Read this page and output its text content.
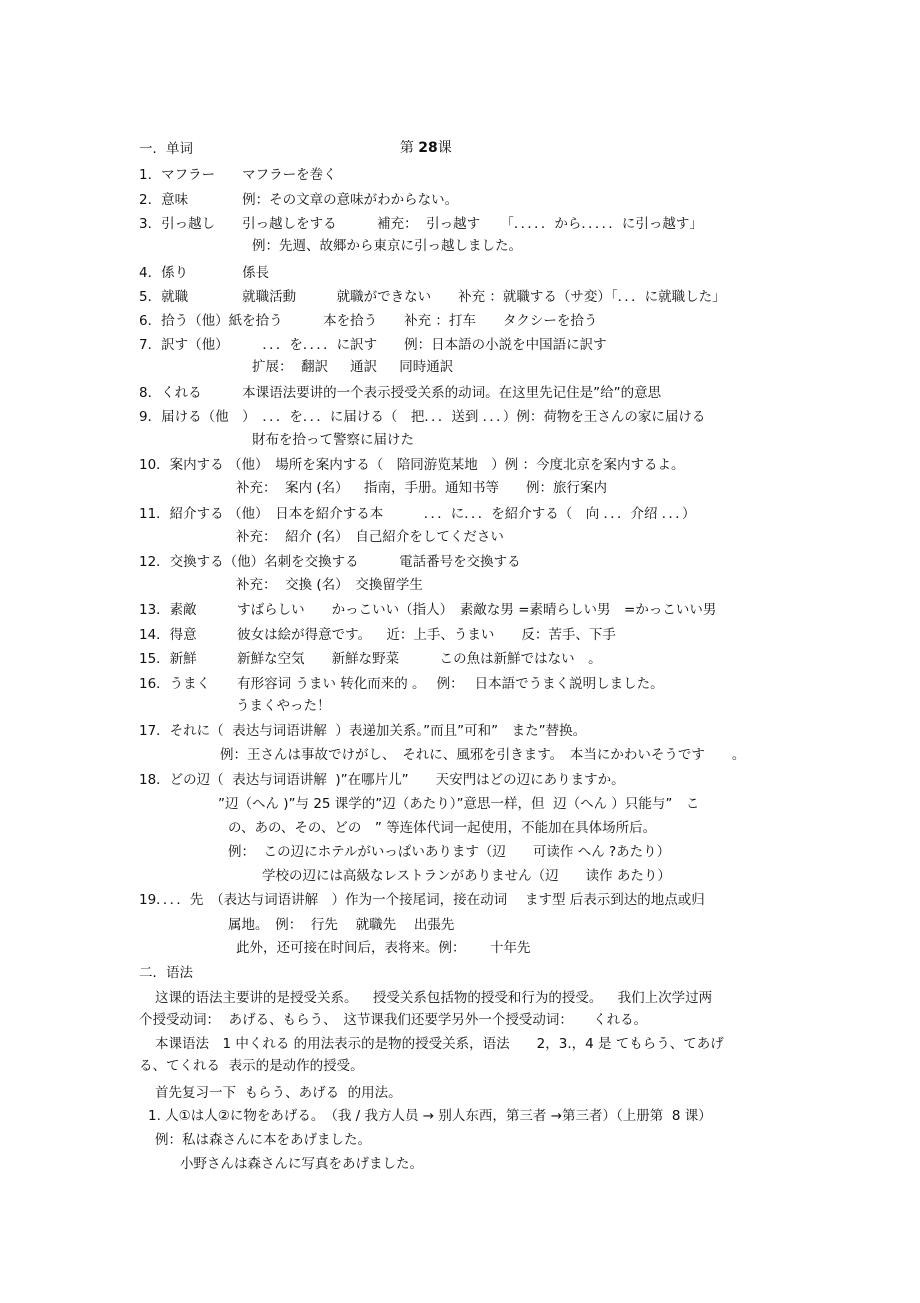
第 28课

一．单词
1．マフラー　　マフラーを巻く
2．意味　　　　例：その文章の意味がわからない。
3．引っ越し　　引っ越しをする　　　補充：  引っ越す　　「．．．．．から．．．．．に引っ越す」
例：先週、故郷から東京に引っ越しました。
4．係り　　　　係長
5．就職　　　　就職活動　　　就職ができない　　补充 ：就職する（サ変）「．．．に就職した」
6．拾う（他）紙を拾う　　　本を拾う　　补充 ：打车　　タクシーを拾う
7．訳す（他）　　　．．．を．．．．に訳す　　例：日本語の小説を中国語に訳す
扩展：  翻訳　  通訳　  同時通訳
8．くれる　　　本课语法要讲的一个表示授受关系的动词。在这里先记住是”给”的意思
9．届ける（他　）　．．．を．．．に届ける（　把．．．送到 ．．．）例：荷物を王さんの家に届ける
財布を拾って警察に届けた
10．案内する （他）　場所を案内する（　陪同游览某地　）例 ：今度北京を案内するよ。
补充：  案内 (名）　  指南，手册。通知书等　　例：旅行案内
11．紹介する （他）　日本を紹介する本　　　．．．に．．．を紹介する（　向 ．．．介绍 ．．．）
补充：  紹介 (名）　自己紹介をしてください
12．交換する（他）名刺を交換する　　　電話番号を交換する
补充：  交換 (名）　交換留学生
13．素敵　　　すばらしい　　かっこいい（指人）　素敵な男 =素晴らしい男　=かっこいい男
14．得意　　　彼女は絵が得意です。　  近：上手、うまい　　反：苦手、下手
15．新鮮　　　新鮮な空気　　新鮮な野菜　　　この魚は新鮮ではない　。
16．うまく　　有形容词 うまい 转化而来的 。　 例：　 日本語でうまく説明しました。
うまくやった！
17．それに（  表达与词语讲解  ）表递加关系。”而且”可和”　また”替换。
例：王さんは事故でけがし、　それに、風邪を引きます。　本当にかわいそうです　　。
18．どの辺（  表达与词语讲解  )”在哪片儿”　　天安門はどの辺にありますか。
”辺（へん )”与 25 课学的”辺（あたり）”意思一样，但  辺（へん ）只能与”　こ
の、あの、その、どの　” 等连体代词一起使用，不能加在具体场所后。
例：  この辺にホテルがいっぱいあります（辺　　可读作 へん ?あたり）
学校の辺には高級なレストランがありません（辺　　读作 あたり）
19．．．．先　（表达与词语讲解　）作为一个接尾词，接在动词　 ます型 后表示到达的地点或归
属地。　例：  行先　 就職先　 出張先
此外，还可接在时间后，表将来。例：　　 十年先
二．语法
这课的语法主要讲的是授受关系。　  授受关系包括物的授受和行为的授受。　  我们上次学过两
个授受动词：  あげる、もらう、　这节课我们还要学另外一个授受动词：　　くれる。
本课语法　1 中くれる 的用法表示的是物的授受关系，语法　　2，3.，4 是 てもらう、てあげ
る、てくれる  表示的是动作的授受。
首先复习一下  もらう、あげる  的用法。
1. 人①は人②に物をあげる。　（我 / 我方人员 → 别人东西，第三者 →第三者）（上册第  8 课）
例：私は森さんに本をあげました。
小野さんは森さんに写真をあげました。
